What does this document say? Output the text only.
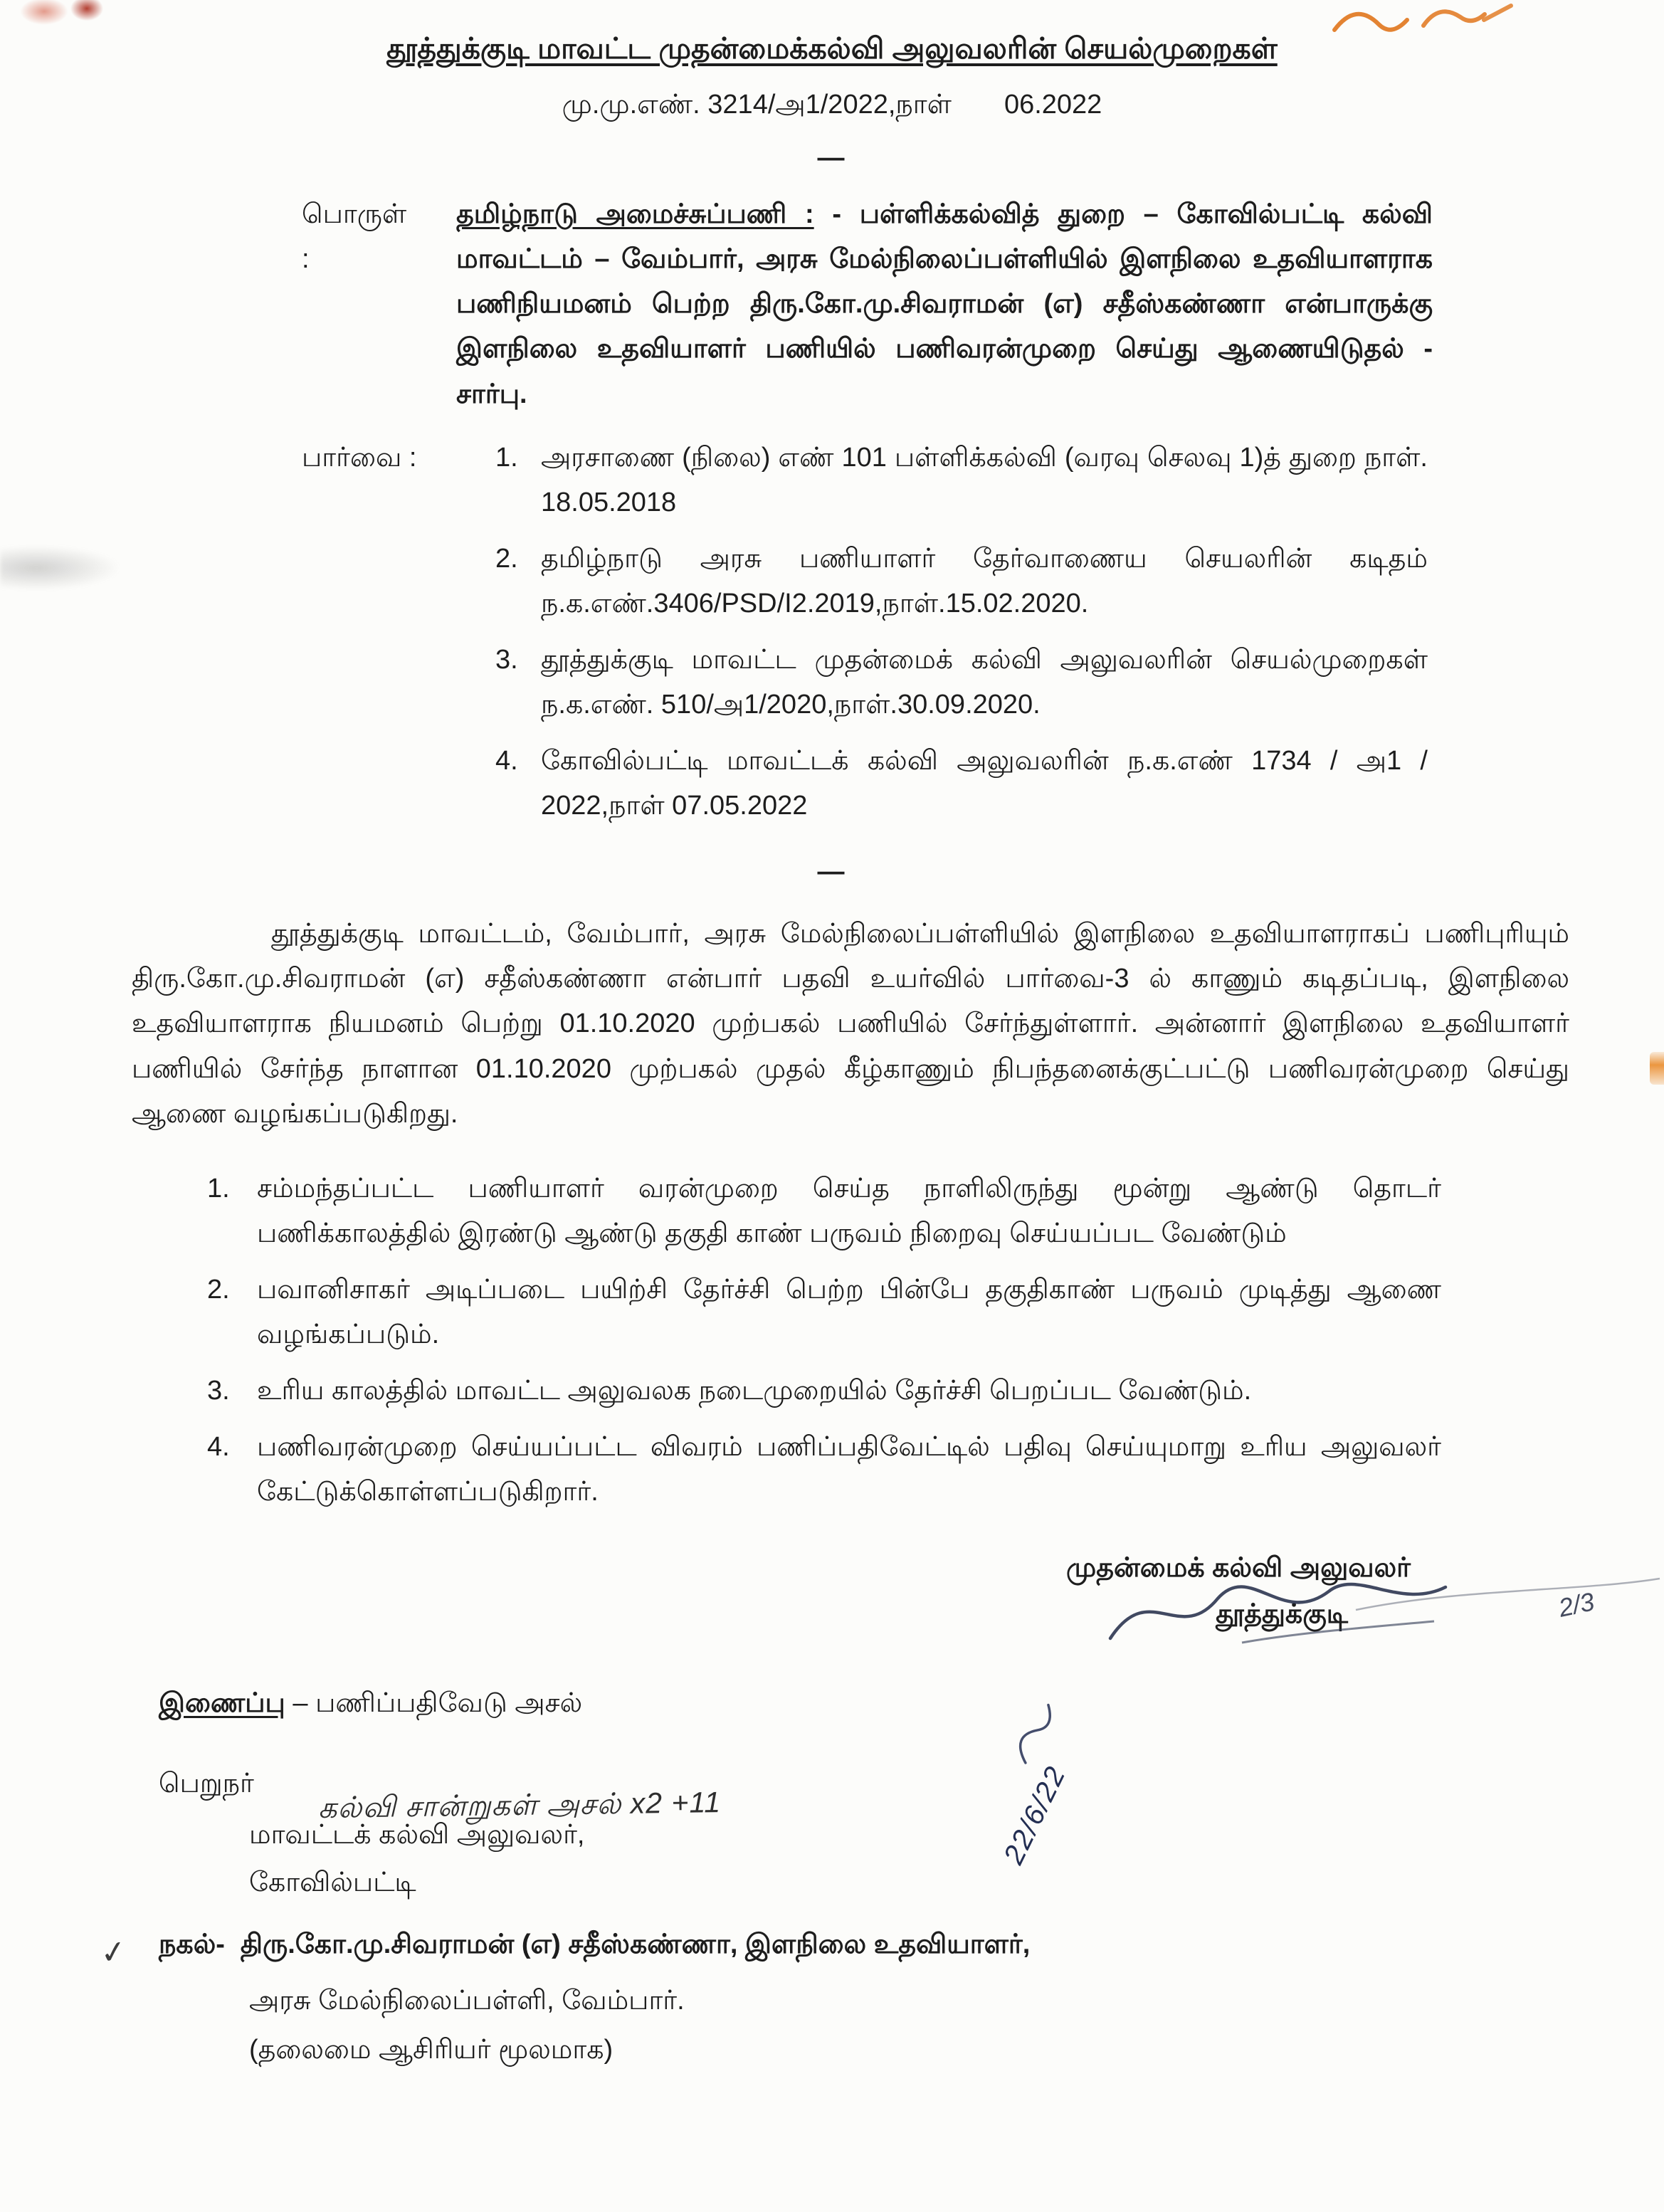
தூத்துக்குடி மாவட்ட முதன்மைக்கல்வி அலுவலரின் செயல்முறைகள்
மு.மு.எண். 3214/அ1/2022,நாள் 06.2022
—
பொருள்
:
தமிழ்நாடு அமைச்சுப்பணி : - பள்ளிக்கல்வித் துறை – கோவில்பட்டி கல்வி மாவட்டம் – வேம்பார், அரசு மேல்நிலைப்பள்ளியில் இளநிலை உதவியாளராக பணிநியமனம் பெற்ற திரு.கோ.மு.சிவராமன் (எ) சதீஸ்கண்ணா என்பாருக்கு இளநிலை உதவியாளர் பணியில் பணிவரன்முறை செய்து ஆணையிடுதல் - சார்பு.
பார்வை :	1. அரசாணை (நிலை) எண் 101 பள்ளிக்கல்வி (வரவு செலவு 1)த் துறை நாள். 18.05.2018
2. தமிழ்நாடு அரசு பணியாளர் தேர்வாணைய செயலரின் கடிதம் ந.க.எண்.3406/PSD/I2.2019,நாள்.15.02.2020.
3. தூத்துக்குடி மாவட்ட முதன்மைக் கல்வி அலுவலரின் செயல்முறைகள் ந.க.எண். 510/அ1/2020,நாள்.30.09.2020.
4. கோவில்பட்டி மாவட்டக் கல்வி அலுவலரின் ந.க.எண் 1734 / அ1 / 2022,நாள் 07.05.2022
—

தூத்துக்குடி மாவட்டம், வேம்பார், அரசு மேல்நிலைப்பள்ளியில் இளநிலை உதவியாளராகப் பணிபுரியும் திரு.கோ.மு.சிவராமன் (எ) சதீஸ்கண்ணா என்பார் பதவி உயர்வில் பார்வை-3 ல் காணும் கடிதப்படி, இளநிலை உதவியாளராக நியமனம் பெற்று 01.10.2020 முற்பகல் பணியில் சேர்ந்துள்ளார். அன்னார் இளநிலை உதவியாளர் பணியில் சேர்ந்த நாளான 01.10.2020 முற்பகல் முதல் கீழ்காணும் நிபந்தனைக்குட்பட்டு பணிவரன்முறை செய்து ஆணை வழங்கப்படுகிறது.

1.	சம்மந்தப்பட்ட பணியாளர் வரன்முறை செய்த நாளிலிருந்து மூன்று ஆண்டு தொடர் பணிக்காலத்தில் இரண்டு ஆண்டு தகுதி காண் பருவம் நிறைவு செய்யப்பட வேண்டும்
2.	பவானிசாகர் அடிப்படை பயிற்சி தேர்ச்சி பெற்ற பின்பே தகுதிகாண் பருவம் முடித்து ஆணை வழங்கப்படும்.
3.	உரிய காலத்தில் மாவட்ட அலுவலக நடைமுறையில் தேர்ச்சி பெறப்பட வேண்டும்.
4.	பணிவரன்முறை செய்யப்பட்ட விவரம் பணிப்பதிவேட்டில் பதிவு செய்யுமாறு உரிய அலுவலர் கேட்டுக்கொள்ளப்படுகிறார்.
முதன்மைக் கல்வி அலுவலர்
தூத்துக்குடி
இணைப்பு – பணிப்பதிவேடு அசல்
பெறுநர்
மாவட்டக் கல்வி அலுவலர்,
கோவில்பட்டி
✓ நகல்- திரு.கோ.மு.சிவராமன் (எ) சதீஸ்கண்ணா, இளநிலை உதவியாளர்,
அரசு மேல்நிலைப்பள்ளி, வேம்பார்.
(தலைமை ஆசிரியர் மூலமாக)
2/3
22/6/22
கல்வி சான்றுகள் அசல் x2 +11
